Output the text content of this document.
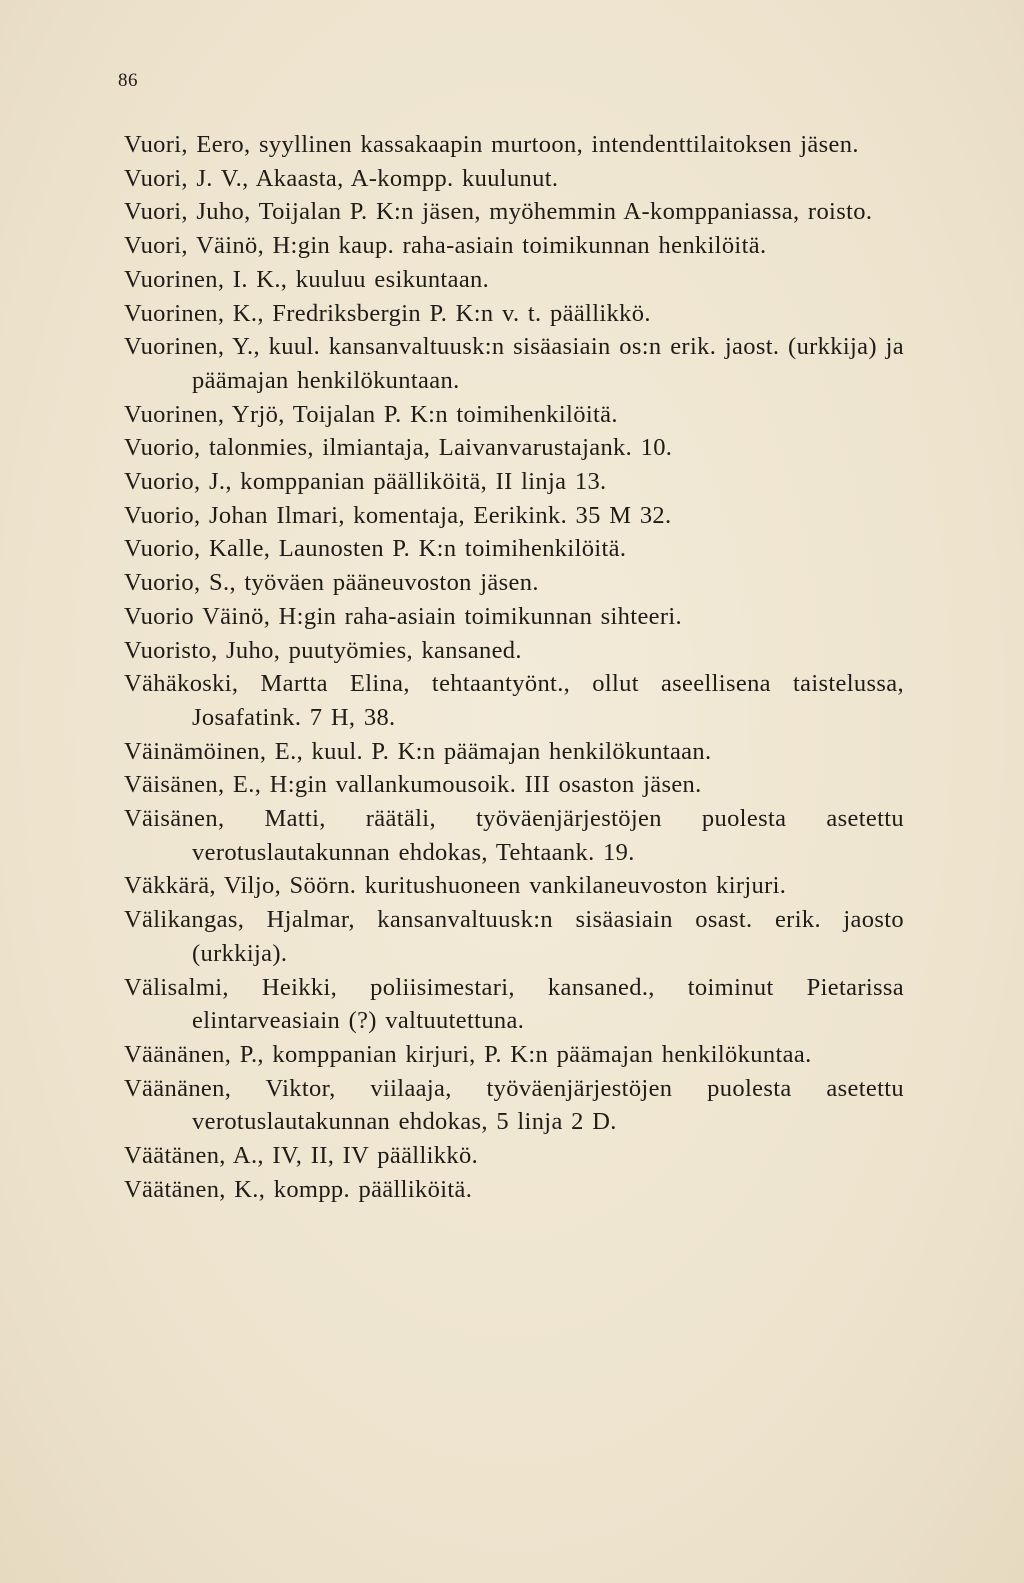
86
Vuori, Eero, syyllinen kassakaapin murtoon, intendenttilaitoksen jäsen.
Vuori, J. V., Akaasta, A-kompp. kuulunut.
Vuori, Juho, Toijalan P. K:n jäsen, myöhemmin A-komppaniassa, roisto.
Vuori, Väinö, H:gin kaup. raha-asiain toimikunnan henkilöitä.
Vuorinen, I. K., kuuluu esikuntaan.
Vuorinen, K., Fredriksbergin P. K:n v. t. päällikkö.
Vuorinen, Y., kuul. kansanvaltuusk:n sisäasiain os:n erik. jaost. (urkkija) ja päämajan henkilökuntaan.
Vuorinen, Yrjö, Toijalan P. K:n toimihenkilöitä.
Vuorio, talonmies, ilmiantaja, Laivanvarustajank. 10.
Vuorio, J., komppanian päälliköitä, II linja 13.
Vuorio, Johan Ilmari, komentaja, Eerikink. 35 M 32.
Vuorio, Kalle, Launosten P. K:n toimihenkilöitä.
Vuorio, S., työväen pääneuvoston jäsen.
Vuorio Väinö, H:gin raha-asiain toimikunnan sihteeri.
Vuoristo, Juho, puutyömies, kansaned.
Vähäkoski, Martta Elina, tehtaantyönt., ollut aseellisena taistelussa, Josafatink. 7 H, 38.
Väinämöinen, E., kuul. P. K:n päämajan henkilökuntaan.
Väisänen, E., H:gin vallankumousoik. III osaston jäsen.
Väisänen, Matti, räätäli, työväenjärjestöjen puolesta asetettu verotuslautakunnan ehdokas, Tehtaank. 19.
Väkkärä, Viljo, Söörn. kuritushuoneen vankilaneuvoston kirjuri.
Välikangas, Hjalmar, kansanvaltuusk:n sisäasiain osast. erik. jaosto (urkkija).
Välisalmi, Heikki, poliisimestari, kansaned., toiminut Pietarissa elintarveasiain (?) valtuutettuna.
Väänänen, P., komppanian kirjuri, P. K:n päämajan henkilökuntaa.
Väänänen, Viktor, viilaaja, työväenjärjestöjen puolesta asetettu verotuslautakunnan ehdokas, 5 linja 2 D.
Väätänen, A., IV, II, IV päällikkö.
Väätänen, K., kompp. päälliköitä.
